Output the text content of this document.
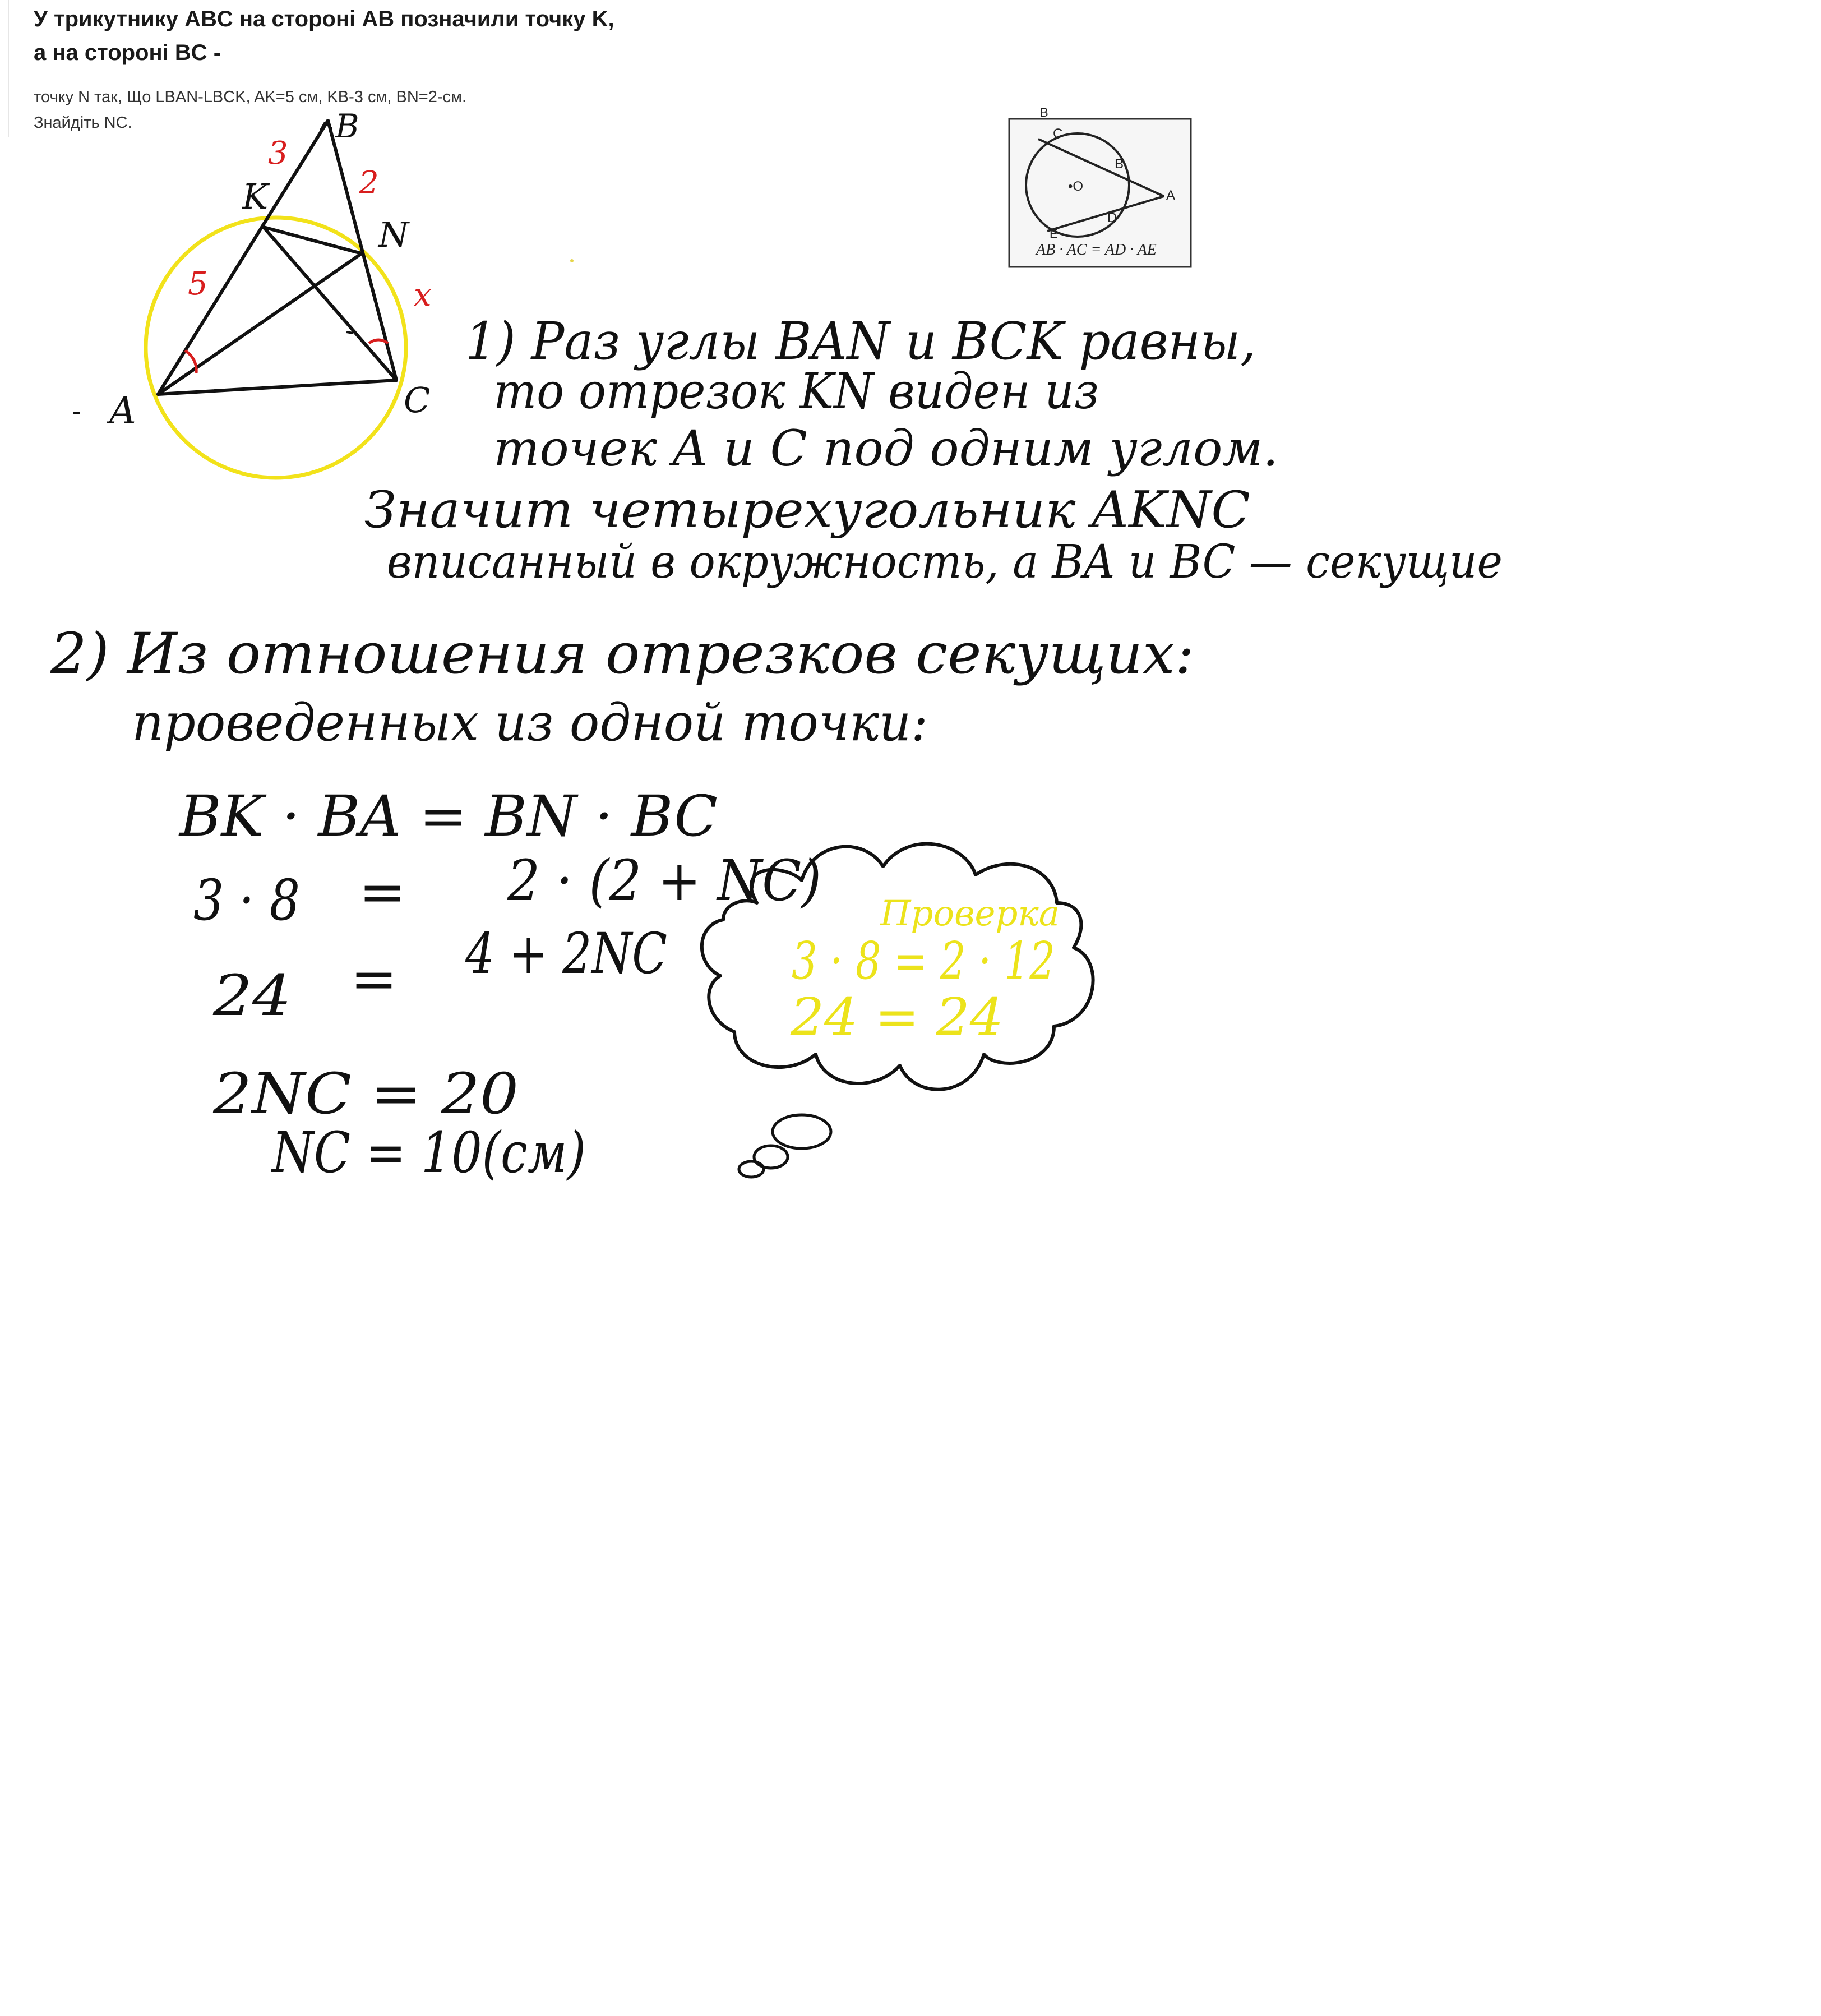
У трикутнику ABC на стороні AB позначили точку K,
а на стороні BC -
точку N так, Що LBAN-LBCK, AK=5 см, KB-3 см, BN=2-см.
Знайдіть NC.	B
K
N
A	C
-
3
2
5	x
B
C
B
•O
A
D
E
AB · AC = AD · AE
1) Раз углы BAN и BCK равны,
то отрезок KN виден из
точек A и C под одним углом.
Значит четырехугольник AKNC
вписанный в окружность, а BA и BC — секущие
2) Из отношения отрезков секущих:
проведенных из одной точки:
BK · BA = BN · BC
3 · 8 = 2 · (2 + NC)
24 = 4 + 2NC
2NC = 20
NC = 10(см)
Проверка
3 · 8 = 2 · 12
24 = 24
